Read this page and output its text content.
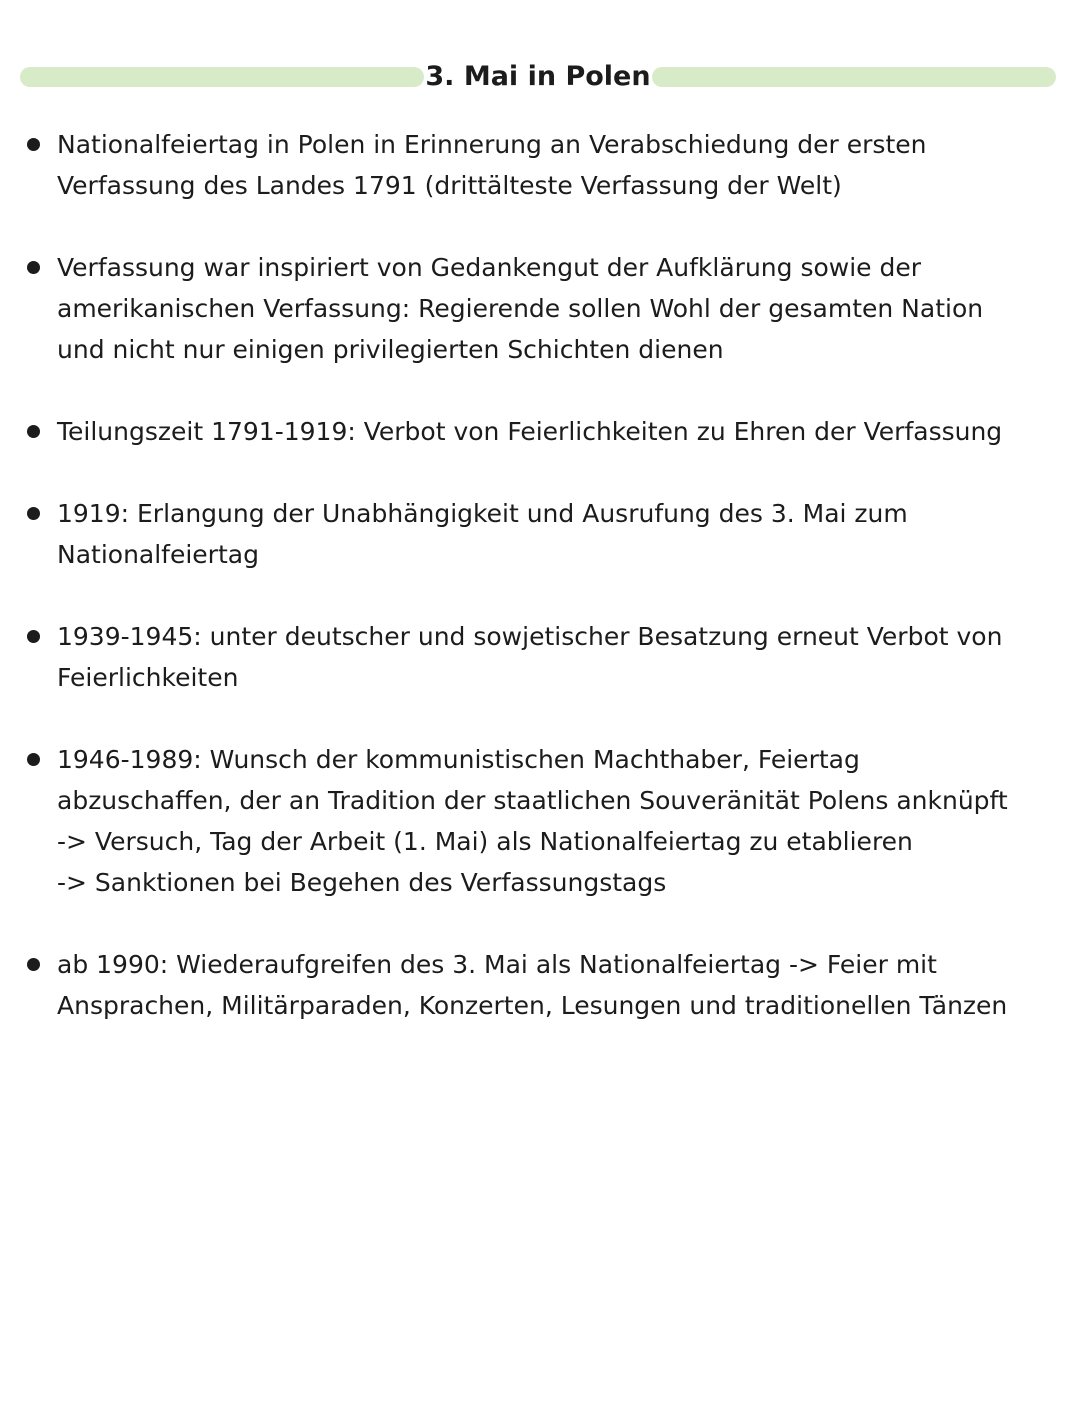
3. Mai in Polen
Nationalfeiertag in Polen in Erinnerung an Verabschiedung der ersten
Verfassung des Landes 1791 (drittälteste Verfassung der Welt)
Verfassung war inspiriert von Gedankengut der Aufklärung sowie der
amerikanischen Verfassung: Regierende sollen Wohl der gesamten Nation
und nicht nur einigen privilegierten Schichten dienen
Teilungszeit 1791-1919: Verbot von Feierlichkeiten zu Ehren der Verfassung
1919: Erlangung der Unabhängigkeit und Ausrufung des 3. Mai zum
Nationalfeiertag
1939-1945: unter deutscher und sowjetischer Besatzung erneut Verbot von
Feierlichkeiten
1946-1989: Wunsch der kommunistischen Machthaber, Feiertag
abzuschaffen, der an Tradition der staatlichen Souveränität Polens anknüpft
-> Versuch, Tag der Arbeit (1. Mai) als Nationalfeiertag zu etablieren
-> Sanktionen bei Begehen des Verfassungstags
ab 1990: Wiederaufgreifen des 3. Mai als Nationalfeiertag -> Feier mit
Ansprachen, Militärparaden, Konzerten, Lesungen und traditionellen Tänzen
